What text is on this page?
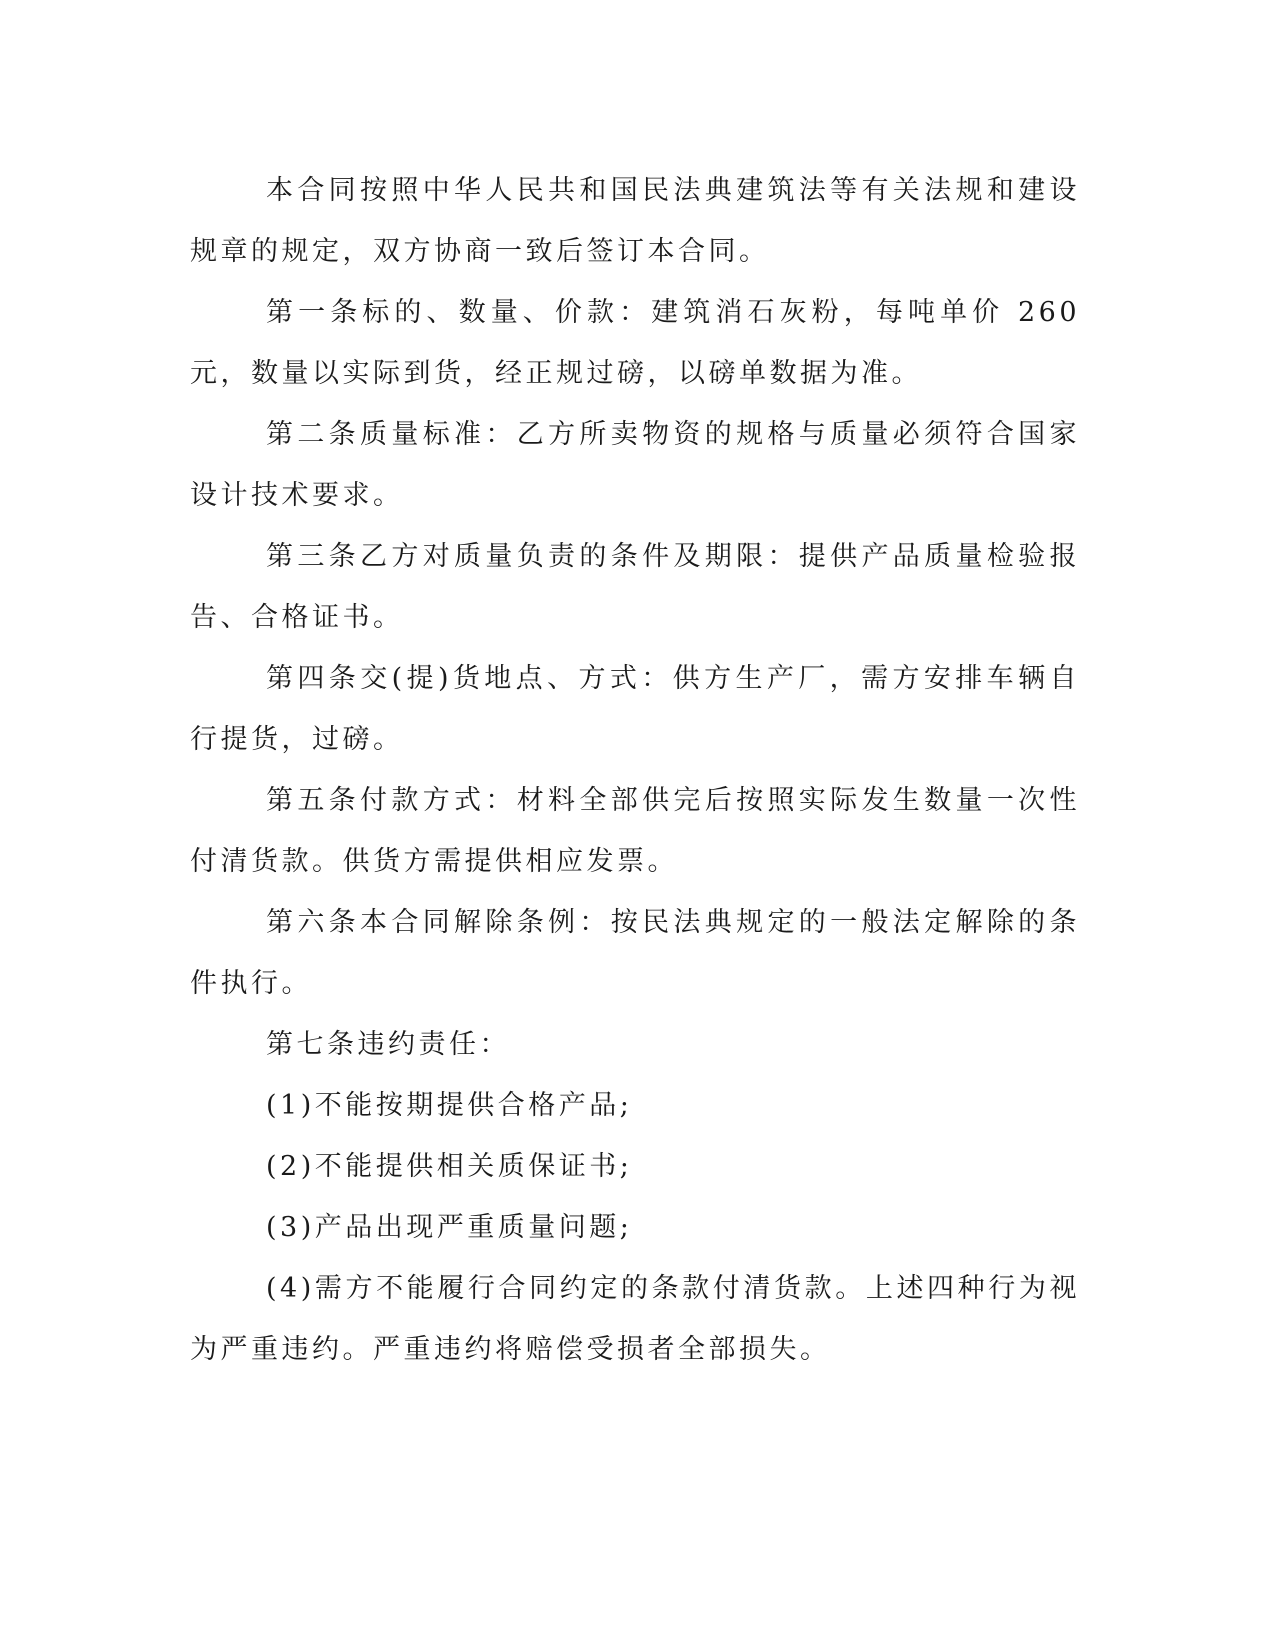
本合同按照中华人民共和国民法典建筑法等有关法规和建设规章的规定，双方协商一致后签订本合同。

第一条标的、数量、价款：建筑消石灰粉，每吨单价 260 元，数量以实际到货，经正规过磅，以磅单数据为准。

第二条质量标准：乙方所卖物资的规格与质量必须符合国家设计技术要求。

第三条乙方对质量负责的条件及期限：提供产品质量检验报告、合格证书。

第四条交(提)货地点、方式：供方生产厂，需方安排车辆自行提货，过磅。

第五条付款方式：材料全部供完后按照实际发生数量一次性付清货款。供货方需提供相应发票。

第六条本合同解除条例：按民法典规定的一般法定解除的条件执行。

第七条违约责任：

(1)不能按期提供合格产品;

(2)不能提供相关质保证书;

(3)产品出现严重质量问题;

(4)需方不能履行合同约定的条款付清货款。上述四种行为视为严重违约。严重违约将赔偿受损者全部损失。
